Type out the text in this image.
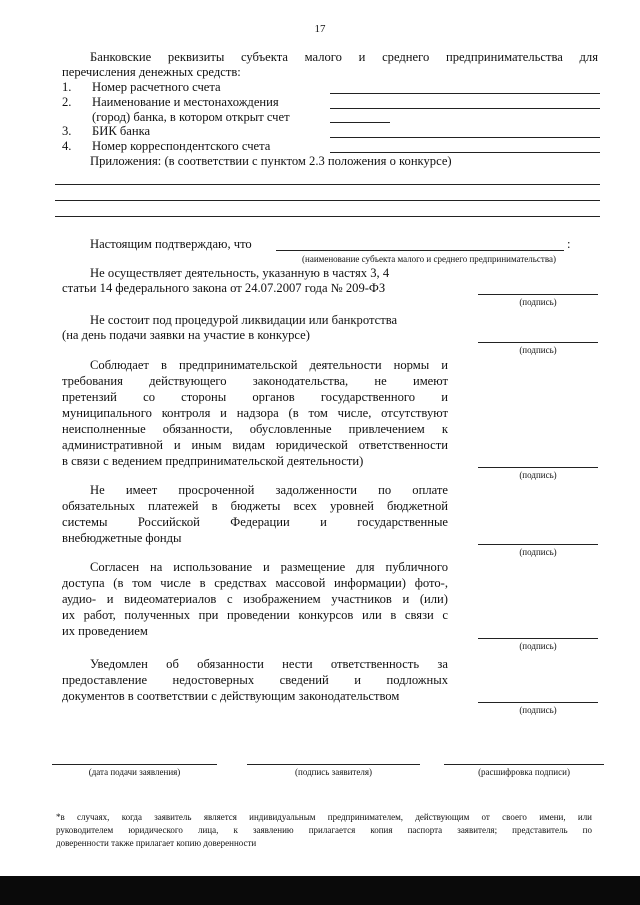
17
Банковские реквизиты субъекта малого и среднего предпринимательства для
перечисления денежных средств:
1. Номер расчетного счета
2. Наименование и местонахождения
(город) банка, в котором открыт счет
3. БИК банка
4. Номер корреспондентского счета
Приложения: (в соответствии с пунктом 2.3 положения о конкурсе)
Настоящим подтверждаю, что	:
(наименование субъекта малого и среднего предпринимательства)
Не осуществляет деятельность, указанную в частях 3, 4
статьи 14 федерального закона от 24.07.2007 года № 209-ФЗ
(подпись)
Не состоит под процедурой ликвидации или банкротства
(на день подачи заявки на участие в конкурсе)
(подпись)
Соблюдает в предпринимательской деятельности нормы и
требования действующего законодательства, не имеют
претензий со стороны органов государственного и
муниципального контроля и надзора (в том числе, отсутствуют
неисполненные обязанности, обусловленные привлечением к
административной и иным видам юридической ответственности
в связи с ведением предпринимательской деятельности)
(подпись)
Не имеет просроченной задолженности по оплате
обязательных платежей в бюджеты всех уровней бюджетной
системы Российской Федерации и государственные
внебюджетные фонды
(подпись)
Согласен на использование и размещение для публичного
доступа (в том числе в средствах массовой информации) фото-,
аудио- и видеоматериалов с изображением участников и (или)
их работ, полученных при проведении конкурсов или в связи с
их проведением
(подпись)
Уведомлен об обязанности нести ответственность за
предоставление недостоверных сведений и подложных
документов в соответствии с действующим законодательством
(подпись)
(дата подачи заявления)	(подпись заявителя)	(расшифровка подписи)
*в случаях, когда заявитель является индивидуальным предпринимателем, действующим от своего имени, или
руководителем юридического лица, к заявлению прилагается копия паспорта заявителя; представитель по
доверенности также прилагает копию доверенности
